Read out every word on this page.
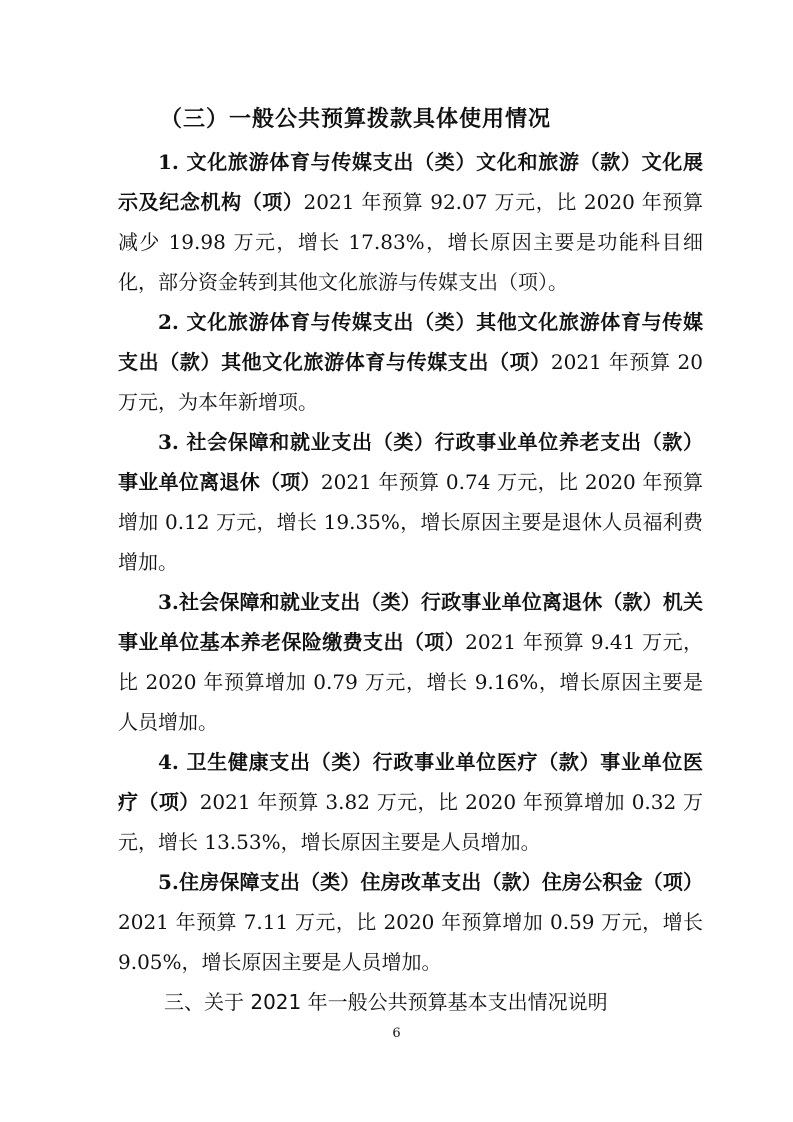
（三）一般公共预算拨款具体使用情况
1. 文化旅游体育与传媒支出（类）文化和旅游（款）文化展示及纪念机构（项）2021 年预算 92.07 万元，比 2020 年预算减少 19.98 万元，增长 17.83%，增长原因主要是功能科目细化，部分资金转到其他文化旅游与传媒支出（项）。
2. 文化旅游体育与传媒支出（类）其他文化旅游体育与传媒支出（款）其他文化旅游体育与传媒支出（项）2021 年预算 20 万元，为本年新增项。
3. 社会保障和就业支出（类）行政事业单位养老支出（款）事业单位离退休（项）2021 年预算 0.74 万元，比 2020 年预算增加 0.12 万元，增长 19.35%，增长原因主要是退休人员福利费增加。
3.社会保障和就业支出（类）行政事业单位离退休（款）机关事业单位基本养老保险缴费支出（项）2021 年预算 9.41 万元，比 2020 年预算增加 0.79 万元，增长 9.16%，增长原因主要是人员增加。
4. 卫生健康支出（类）行政事业单位医疗（款）事业单位医疗（项）2021 年预算 3.82 万元，比 2020 年预算增加 0.32 万元，增长 13.53%，增长原因主要是人员增加。
5.住房保障支出（类）住房改革支出（款）住房公积金（项）2021 年预算 7.11 万元，比 2020 年预算增加 0.59 万元，增长 9.05%，增长原因主要是人员增加。
三、关于 2021 年一般公共预算基本支出情况说明
6
